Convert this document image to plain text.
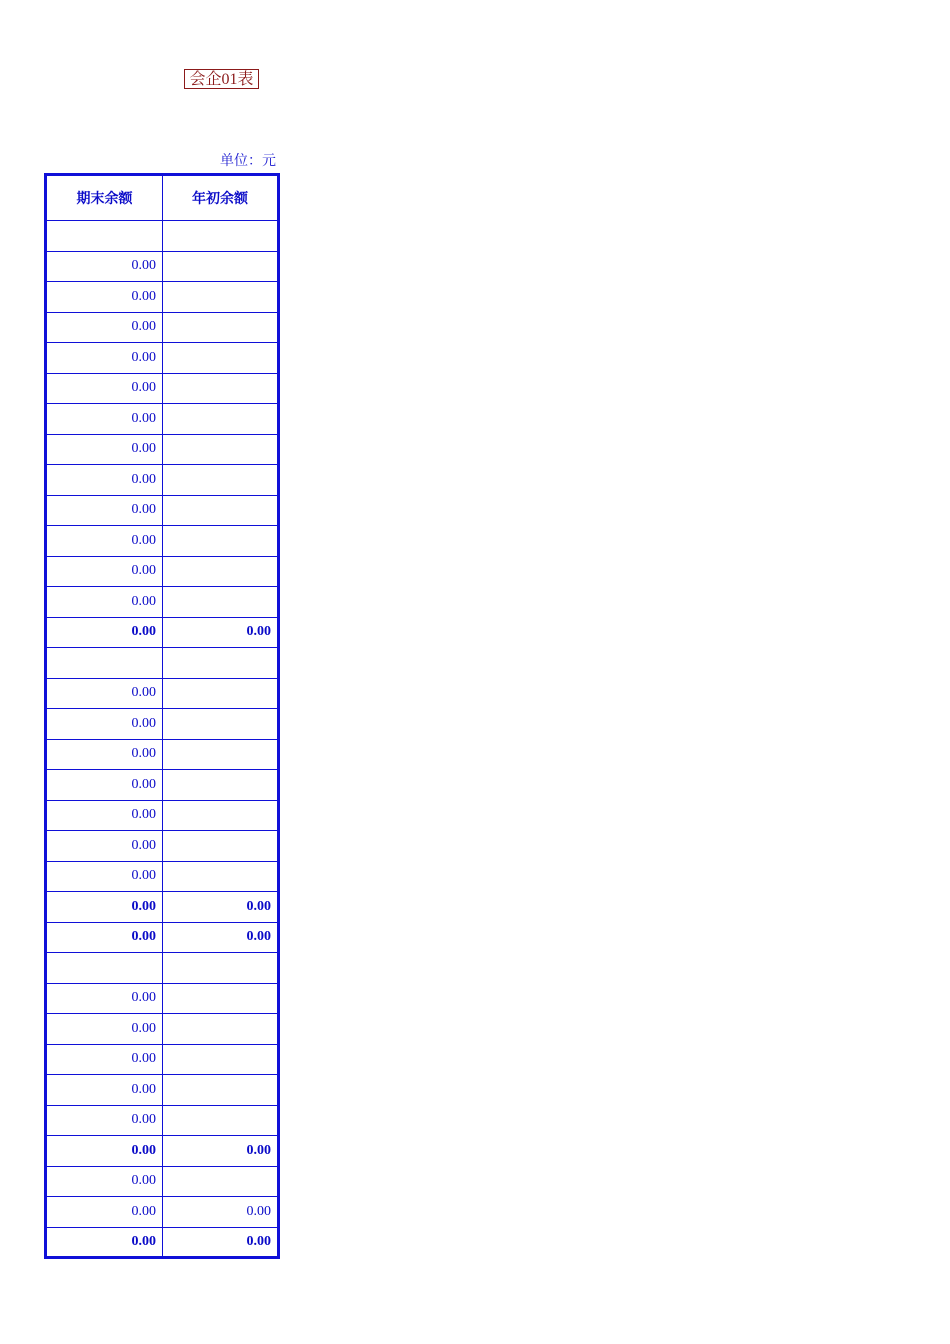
会企01表
单位：元
期末余额	年初余额

0.00	
0.00	
0.00	
0.00	
0.00	
0.00	
0.00	
0.00	
0.00	
0.00	
0.00	
0.00	
0.00	0.00

0.00	
0.00	
0.00	
0.00	
0.00	
0.00	
0.00	
0.00	0.00
0.00	0.00

0.00	
0.00	
0.00	
0.00	
0.00	
0.00	0.00
0.00	
0.00	0.00
0.00	0.00
